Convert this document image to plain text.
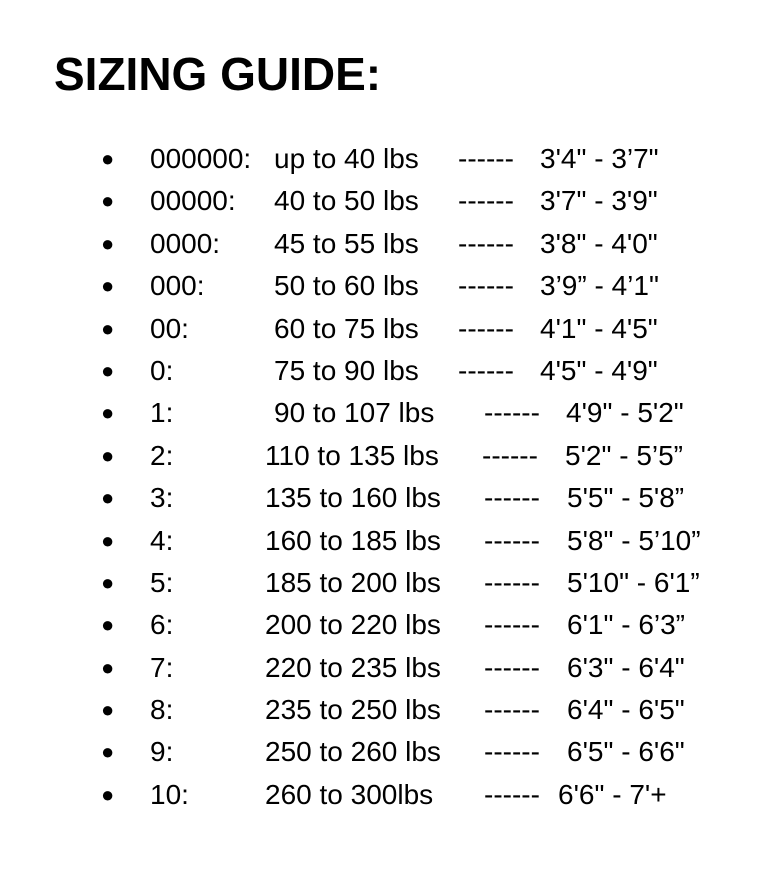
SIZING GUIDE:
● 000000: up to 40 lbs ------ 3'4" - 3’7"
● 00000: 40 to 50 lbs ------ 3'7" - 3'9"
● 0000: 45 to 55 lbs ------ 3'8" - 4'0"
● 000: 50 to 60 lbs ------ 3’9” - 4’1"
● 00:	60 to 75 lbs ------ 4'1" - 4'5"
● 0:	75 to 90 lbs ------ 4'5" - 4'9"
● 1:	90 to 107 lbs ------ 4'9" - 5'2"
● 2:	110 to 135 lbs ------ 5'2" - 5’5”
● 3:	135 to 160 lbs ------ 5'5" - 5'8”
● 4:	160 to 185 lbs ------ 5'8" - 5’10”
● 5:	185 to 200 lbs ------ 5'10" - 6'1”
● 6:	200 to 220 lbs ------ 6'1" - 6’3”
● 7:	220 to 235 lbs ------ 6'3" - 6'4"
● 8:	235 to 250 lbs ------ 6'4" - 6'5"
● 9:	250 to 260 lbs ------ 6'5" - 6'6"
● 10:	260 to 300lbs ------ 6'6" - 7'+
